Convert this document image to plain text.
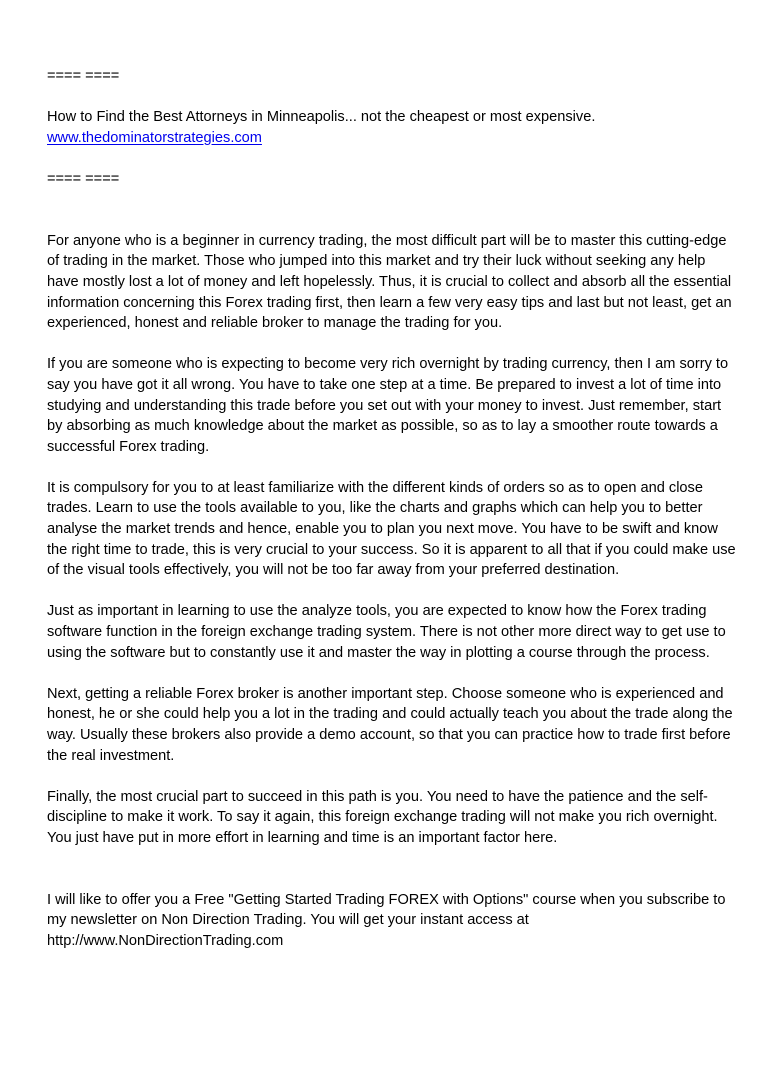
==== ====

How to Find the Best Attorneys in Minneapolis... not the cheapest or most expensive.

www.thedominatorstrategies.com
==== ====

For anyone who is a beginner in currency trading, the most difficult part will be to master this cutting-edge of trading in the market. Those who jumped into this market and try their luck without seeking any help have mostly lost a lot of money and left hopelessly. Thus, it is crucial to collect and absorb all the essential information concerning this Forex trading first, then learn a few very easy tips and last but not least, get an experienced, honest and reliable broker to manage the trading for you.

If you are someone who is expecting to become very rich overnight by trading currency, then I am sorry to say you have got it all wrong. You have to take one step at a time. Be prepared to invest a lot of time into studying and understanding this trade before you set out with your money to invest. Just remember, start by absorbing as much knowledge about the market as possible, so as to lay a smoother route towards a successful Forex trading.

It is compulsory for you to at least familiarize with the different kinds of orders so as to open and close trades. Learn to use the tools available to you, like the charts and graphs which can help you to better analyse the market trends and hence, enable you to plan you next move. You have to be swift and know the right time to trade, this is very crucial to your success. So it is apparent to all that if you could make use of the visual tools effectively, you will not be too far away from your preferred destination.

Just as important in learning to use the analyze tools, you are expected to know how the Forex trading software function in the foreign exchange trading system. There is not other more direct way to get use to using the software but to constantly use it and master the way in plotting a course through the process.

Next, getting a reliable Forex broker is another important step. Choose someone who is experienced and honest, he or she could help you a lot in the trading and could actually teach you about the trade along the way. Usually these brokers also provide a demo account, so that you can practice how to trade first before the real investment.

Finally, the most crucial part to succeed in this path is you. You need to have the patience and the self-discipline to make it work. To say it again, this foreign exchange trading will not make you rich overnight. You just have put in more effort in learning and time is an important factor here.

I will like to offer you a Free "Getting Started Trading FOREX with Options" course when you subscribe to my newsletter on Non Direction Trading. You will get your instant access at http://www.NonDirectionTrading.com
